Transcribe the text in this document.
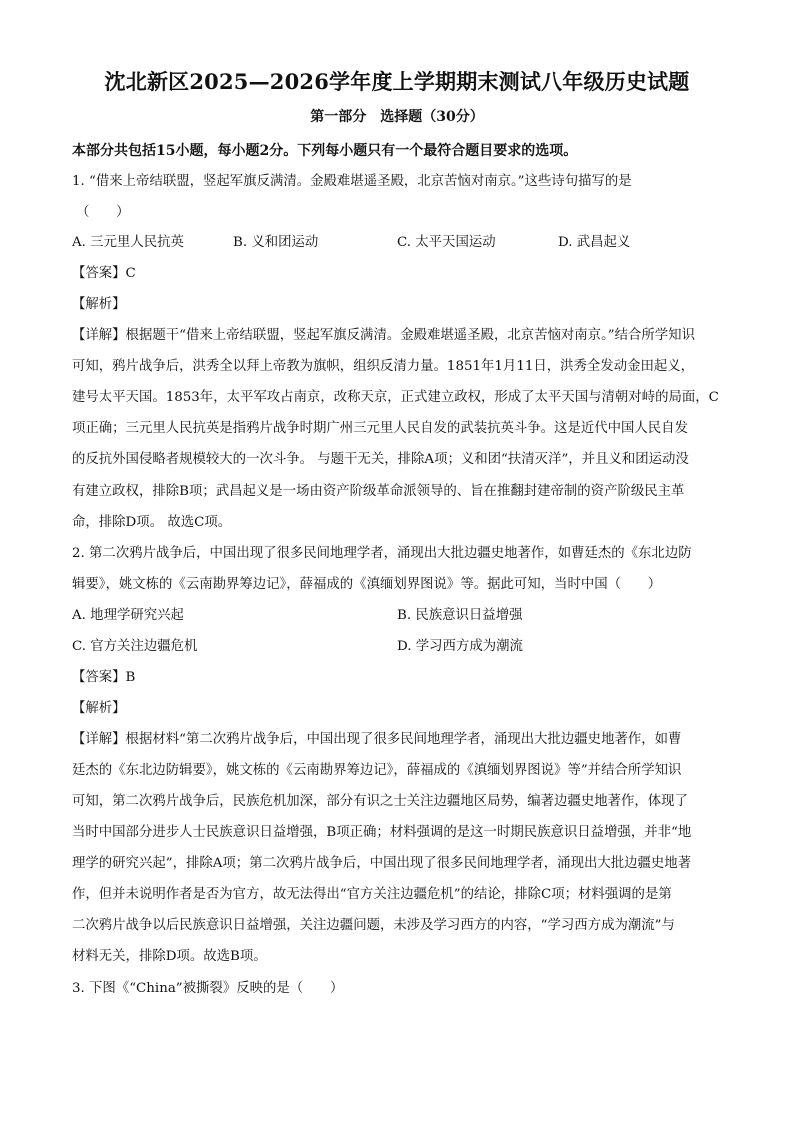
沈北新区2025—2026学年度上学期期末测试八年级历史试题
第一部分　选择题（30分）
本部分共包括15小题，每小题2分。下列每小题只有一个最符合题目要求的选项。
1. “借来上帝结联盟，竖起军旗反满清。金殿难堪遥圣殿，北京苦恼对南京。”这些诗句描写的是
（　　）
A. 三元里人民抗英	B. 义和团运动	C. 太平天国运动	D. 武昌起义
【答案】C
【解析】
【详解】根据题干“借来上帝结联盟，竖起军旗反满清。金殿难堪遥圣殿，北京苦恼对南京。”结合所学知识
可知，鸦片战争后，洪秀全以拜上帝教为旗帜，组织反清力量。1851年1月11日，洪秀全发动金田起义，
建号太平天国。1853年，太平军攻占南京，改称天京，正式建立政权，形成了太平天国与清朝对峙的局面，C
项正确；三元里人民抗英是指鸦片战争时期广州三元里人民自发的武装抗英斗争。这是近代中国人民自发
的反抗外国侵略者规模较大的一次斗争。 与题干无关，排除A项；义和团“扶清灭洋”，并且义和团运动没
有建立政权，排除B项；武昌起义是一场由资产阶级革命派领导的、旨在推翻封建帝制的资产阶级民主革
命，排除D项。 故选C项。
2. 第二次鸦片战争后，中国出现了很多民间地理学者，涌现出大批边疆史地著作，如曹廷杰的《东北边防
辑要》，姚文栋的《云南勘界筹边记》，薛福成的《滇缅划界图说》等。据此可知，当时中国（　　）
A. 地理学研究兴起	B. 民族意识日益增强
C. 官方关注边疆危机	D. 学习西方成为潮流
【答案】B
【解析】
【详解】根据材料“第二次鸦片战争后，中国出现了很多民间地理学者，涌现出大批边疆史地著作，如曹
廷杰的《东北边防辑要》，姚文栋的《云南勘界筹边记》，薛福成的《滇缅划界图说》等”并结合所学知识
可知，第二次鸦片战争后，民族危机加深，部分有识之士关注边疆地区局势，编著边疆史地著作，体现了
当时中国部分进步人士民族意识日益增强，B项正确；材料强调的是这一时期民族意识日益增强，并非“地
理学的研究兴起”，排除A项；第二次鸦片战争后，中国出现了很多民间地理学者，涌现出大批边疆史地著
作，但并未说明作者是否为官方，故无法得出“官方关注边疆危机”的结论，排除C项；材料强调的是第
二次鸦片战争以后民族意识日益增强，关注边疆问题，未涉及学习西方的内容，“学习西方成为潮流”与
材料无关，排除D项。故选B项。
3. 下图《“China”被撕裂》反映的是（　　）
